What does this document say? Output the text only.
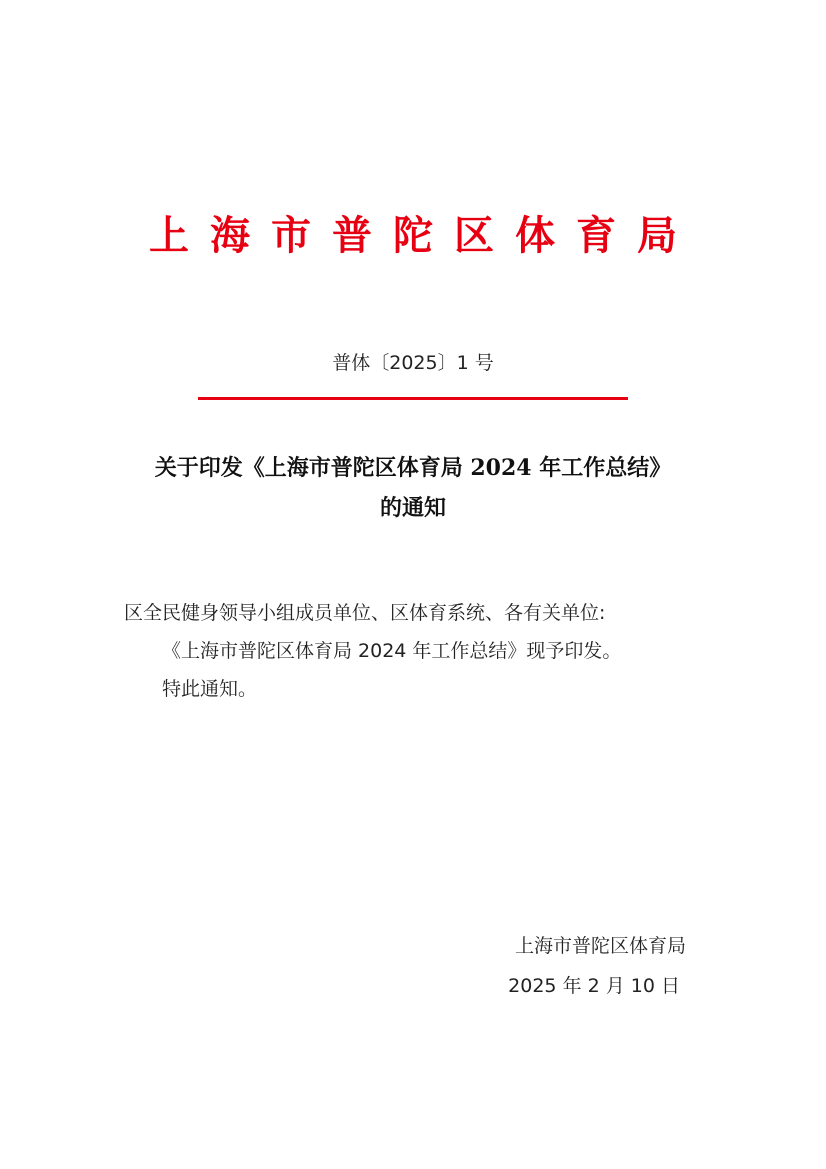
上海市普陀区体育局
普体〔2025〕1 号
关于印发《上海市普陀区体育局 2024 年工作总结》
的通知
区全民健身领导小组成员单位、区体育系统、各有关单位:
《上海市普陀区体育局 2024 年工作总结》现予印发。
特此通知。
上海市普陀区体育局
2025 年 2 月 10 日
